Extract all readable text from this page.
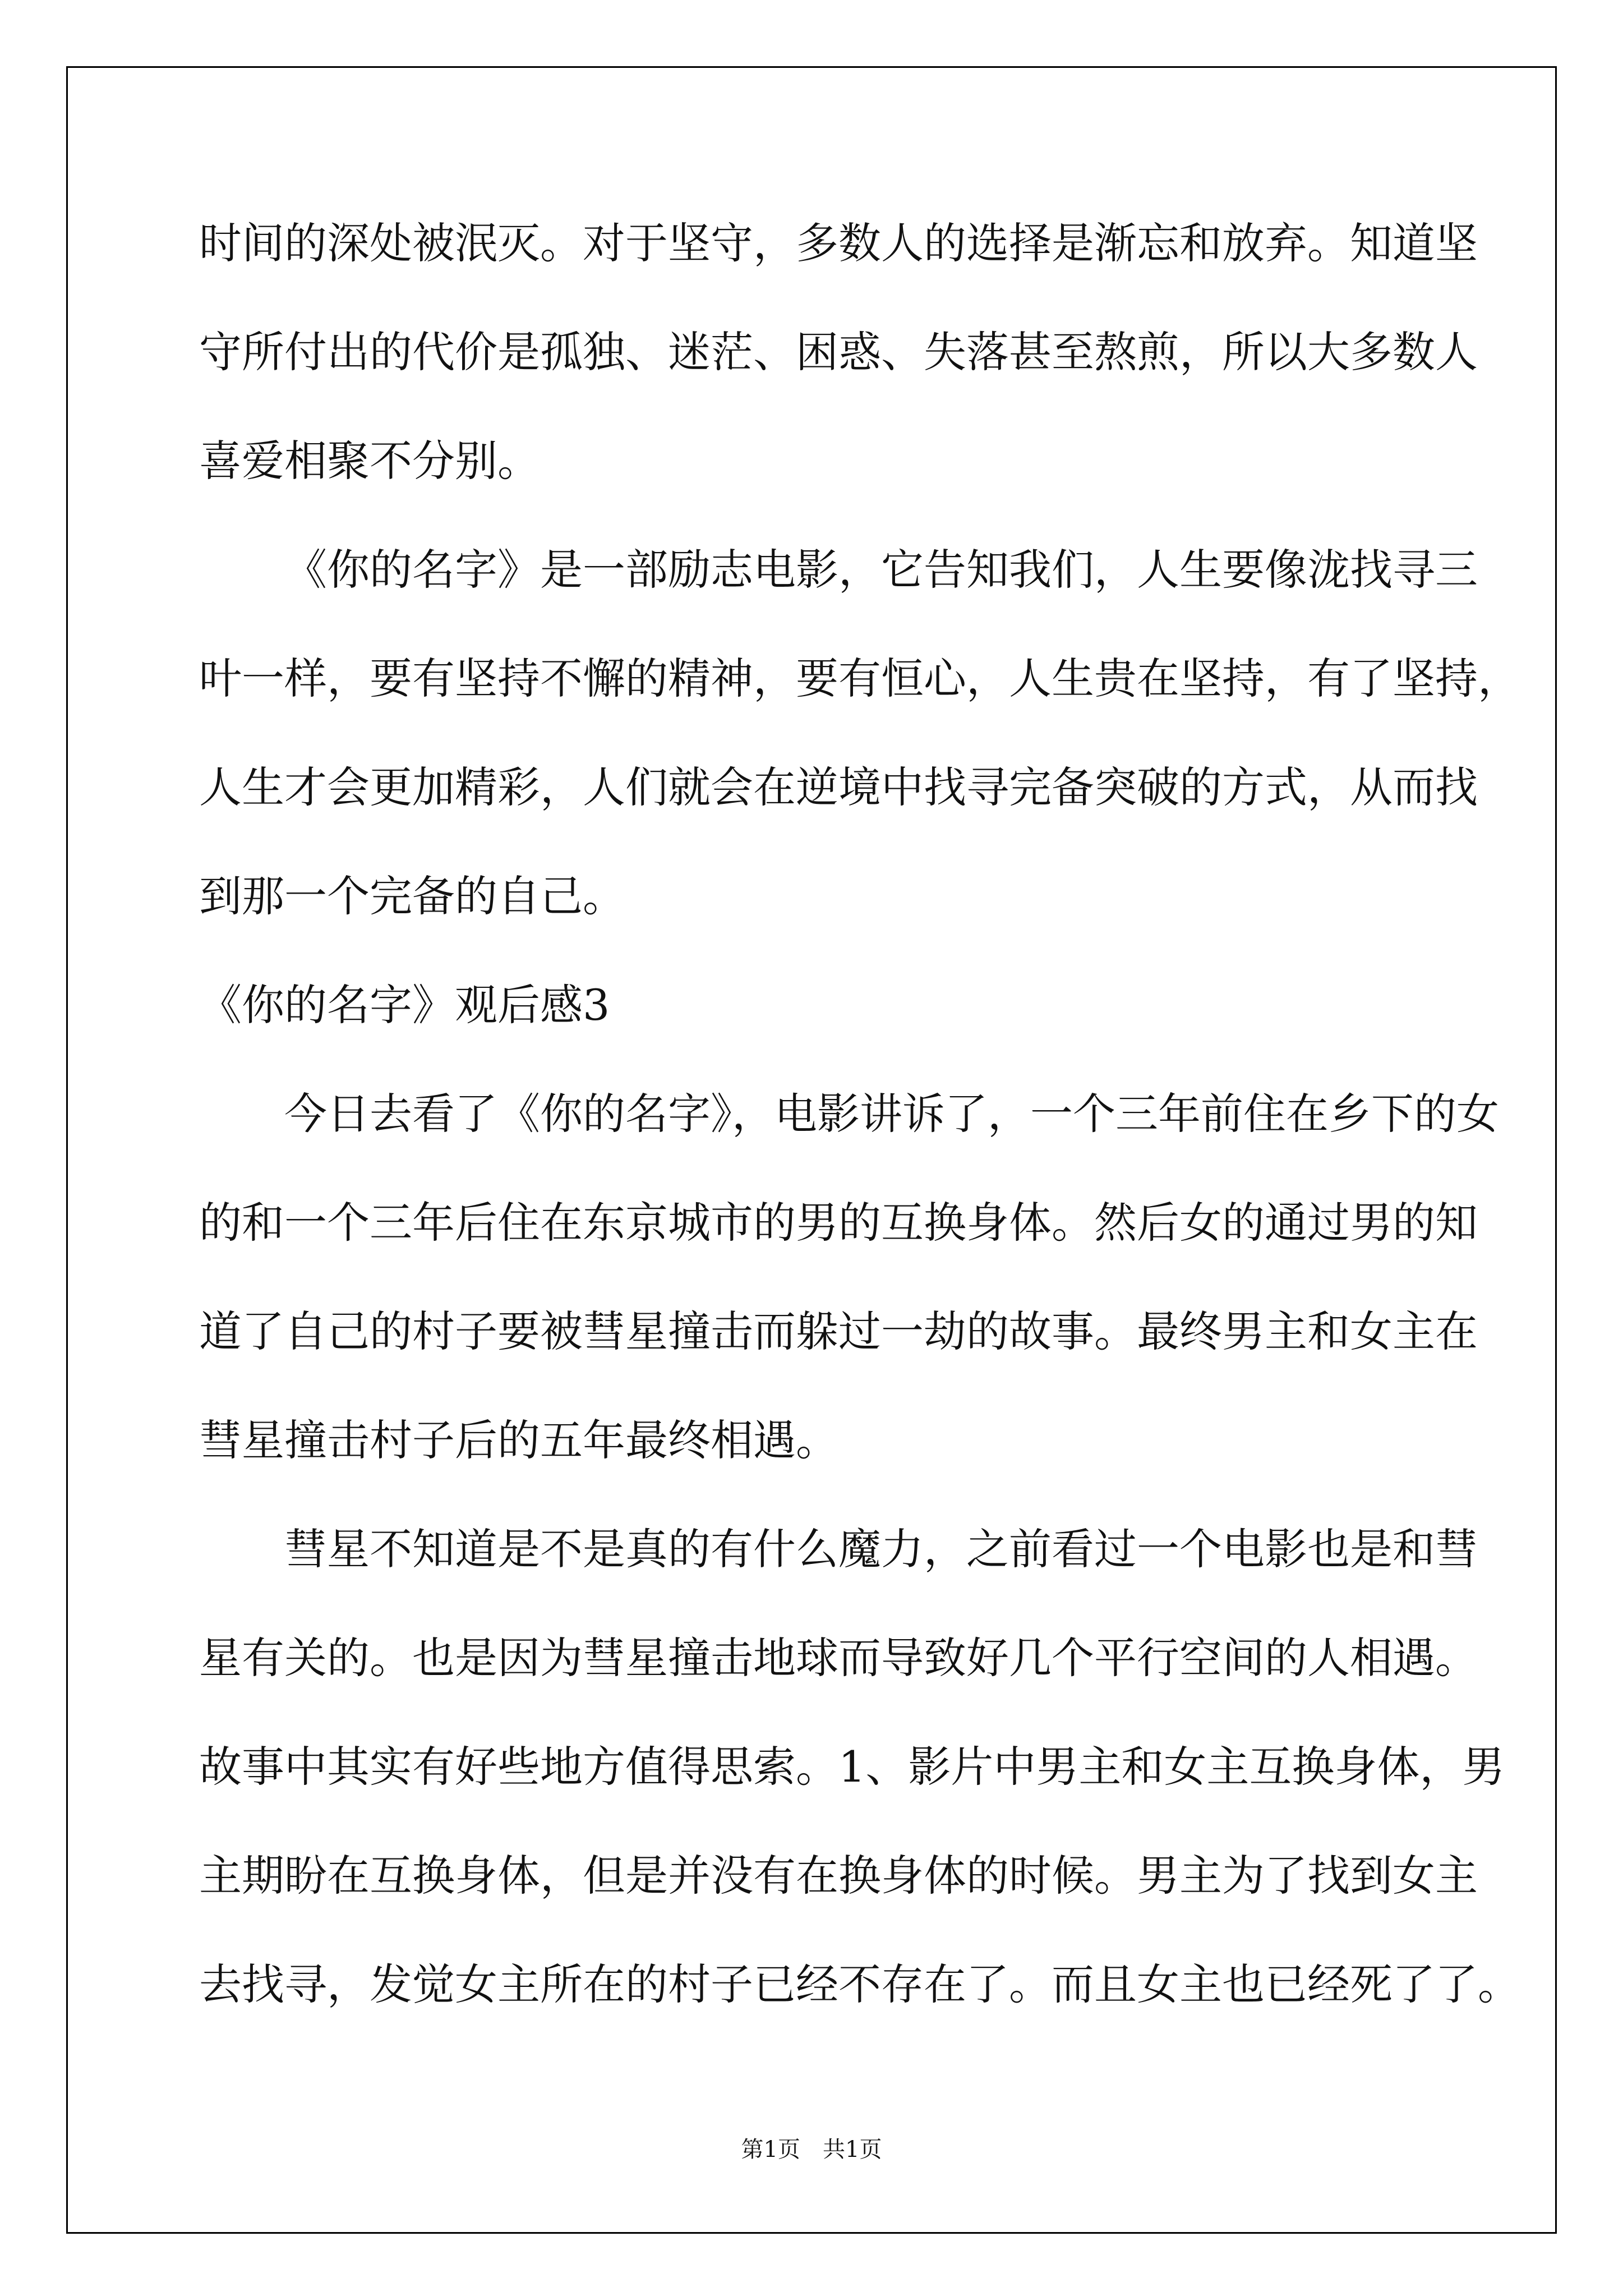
时间的深处被泯灭。对于坚守，多数人的选择是渐忘和放弃。知道坚

守所付出的代价是孤独、迷茫、困惑、失落甚至熬煎，所以大多数人

喜爱相聚不分别。

《你的名字》是一部励志电影，它告知我们，人生要像泷找寻三

叶一样，要有坚持不懈的精神，要有恒心，人生贵在坚持，有了坚持，

人生才会更加精彩，人们就会在逆境中找寻完备突破的方式，从而找

到那一个完备的自己。

《你的名字》观后感3

今日去看了《你的名字》，电影讲诉了，一个三年前住在乡下的女

的和一个三年后住在东京城市的男的互换身体。然后女的通过男的知

道了自己的村子要被彗星撞击而躲过一劫的故事。最终男主和女主在

彗星撞击村子后的五年最终相遇。

彗星不知道是不是真的有什么魔力，之前看过一个电影也是和彗

星有关的。也是因为彗星撞击地球而导致好几个平行空间的人相遇。

故事中其实有好些地方值得思索。1、影片中男主和女主互换身体，男

主期盼在互换身体，但是并没有在换身体的时候。男主为了找到女主

去找寻，发觉女主所在的村子已经不存在了。而且女主也已经死了了。

第1页　共1页
